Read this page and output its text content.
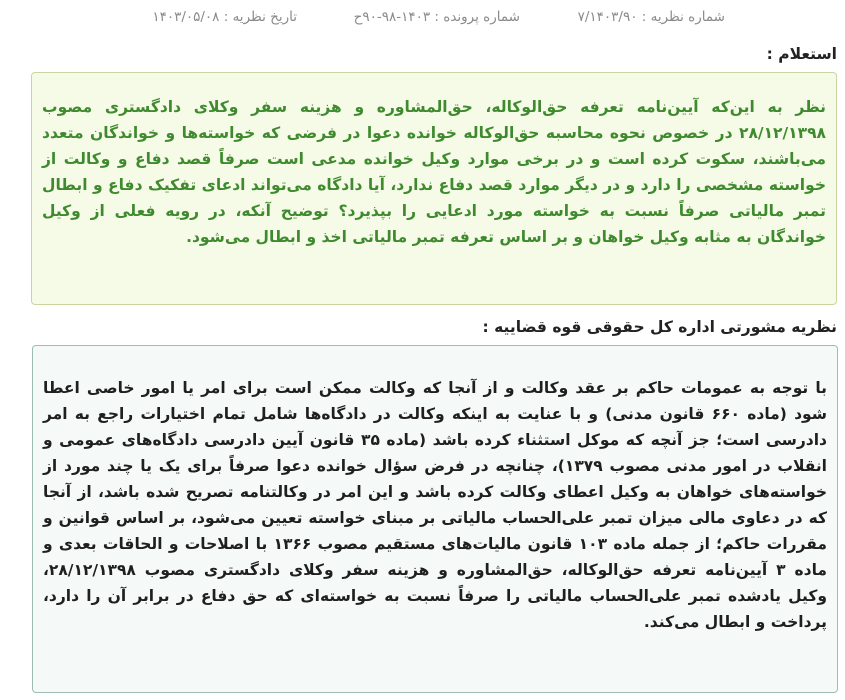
شماره نظریه : ۷/۱۴۰۳/۹۰
شماره پرونده : ۱۴۰۳-۹۸-۹۰ح
تاریخ نظریه : ۱۴۰۳/۰۵/۰۸
استعلام :

نظر به این‌که آیین‌نامه تعرفه حق‌الوکاله، حق‌المشاوره و هزینه سفر وکلای دادگستری مصوب ۲۸/۱۲/۱۳۹۸ در خصوص نحوه محاسبه حق‌الوکاله خوانده دعوا در فرضی که خواسته‌ها و خواندگان متعدد می‌باشند، سکوت کرده است و در برخی موارد وکیل خوانده مدعی است صرفاً قصد دفاع و وکالت از خواسته مشخصی را دارد و در دیگر موارد قصد دفاع ندارد، آیا دادگاه می‌تواند ادعای تفکیک دفاع و ابطال تمبر مالیاتی صرفاً نسبت به خواسته مورد ادعایی را بپذیرد؟ توضیح آنکه، در رویه فعلی از وکیل خواندگان به مثابه وکیل خواهان و بر اساس تعرفه تمبر مالیاتی اخذ و ابطال می‌شود.

نظریه مشورتی اداره کل حقوقی قوه قضاییه :

با توجه به عمومات حاکم بر عقد وکالت و از آنجا که وکالت ممکن است برای امر یا امور خاصی اعطا شود (ماده ۶۶۰ قانون مدنی) و با عنایت به اینکه وکالت در دادگاه‌ها شامل تمام اختیارات راجع به امر دادرسی است؛ جز آنچه که موکل استثناء کرده باشد (ماده ۳۵ قانون آیین دادرسی دادگاه‌های عمومی و انقلاب در امور مدنی مصوب ۱۳۷۹)، چنانچه در فرض سؤال خوانده دعوا صرفاً برای یک یا چند مورد از خواسته‌های خواهان به وکیل اعطای وکالت کرده باشد و این امر در وکالتنامه تصریح شده باشد، از آنجا که در دعاوی مالی میزان تمبر علی‌الحساب مالیاتی بر مبنای خواسته تعیین می‌شود، بر اساس قوانین و مقررات حاکم؛ از جمله ماده ۱۰۳ قانون مالیات‌های مستقیم مصوب ۱۳۶۶ با اصلاحات و الحاقات بعدی و ماده ۳ آیین‌نامه تعرفه حق‌الوکاله، حق‌المشاوره و هزینه سفر وکلای دادگستری مصوب ۲۸/۱۲/۱۳۹۸، وکیل یادشده تمبر علی‌الحساب مالیاتی را صرفاً نسبت به خواسته‌ای که حق دفاع در برابر آن را دارد، پرداخت و ابطال می‌کند.
